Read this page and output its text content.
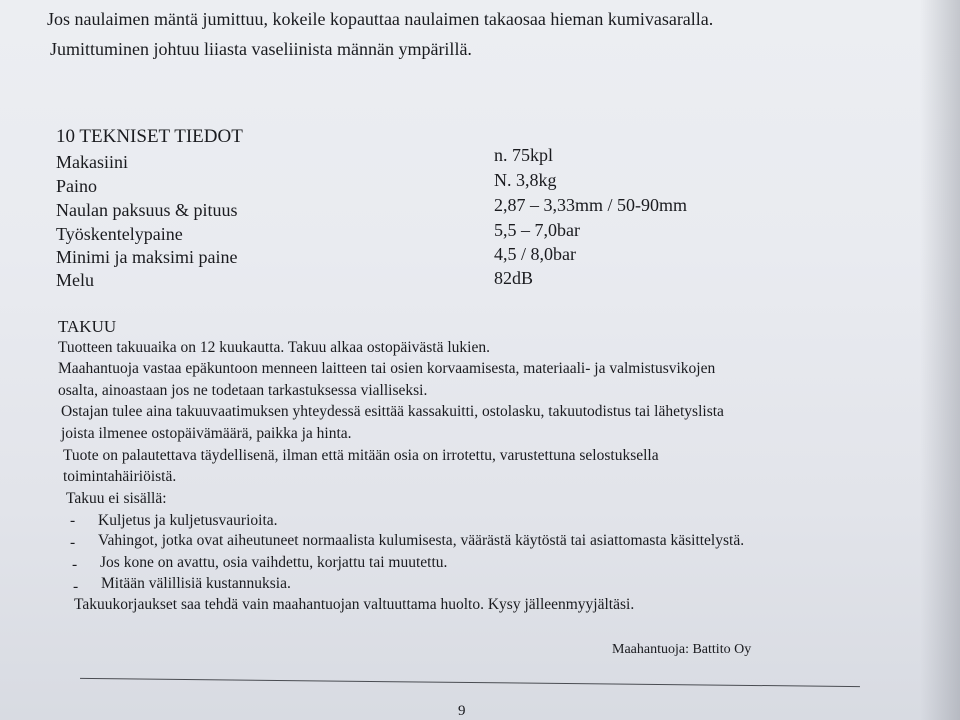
Jos naulaimen mäntä jumittuu, kokeile kopauttaa naulaimen takaosaa hieman kumivasaralla.
Jumittuminen johtuu liiasta vaseliinista männän ympärillä.
10 TEKNISET TIEDOT
Makasiini	n. 75kpl
Paino	N. 3,8kg
Naulan paksuus & pituus	2,87 – 3,33mm / 50-90mm
Työskentelypaine	5,5 – 7,0bar
Minimi ja maksimi paine	4,5 / 8,0bar
Melu	82dB
TAKUU
Tuotteen takuuaika on 12 kuukautta. Takuu alkaa ostopäivästä lukien.
Maahantuoja vastaa epäkuntoon menneen laitteen tai osien korvaamisesta, materiaali- ja valmistusvikojen
osalta, ainoastaan jos ne todetaan tarkastuksessa vialliseksi.
Ostajan tulee aina takuuvaatimuksen yhteydessä esittää kassakuitti, ostolasku, takuutodistus tai lähetyslista
joista ilmenee ostopäivämäärä, paikka ja hinta.
Tuote on palautettava täydellisenä, ilman että mitään osia on irrotettu, varustettuna selostuksella
toimintahäiriöistä.
Takuu ei sisällä:
- Kuljetus ja kuljetusvaurioita.
- Vahingot, jotka ovat aiheutuneet normaalista kulumisesta, väärästä käytöstä tai asiattomasta käsittelystä.
- Jos kone on avattu, osia vaihdettu, korjattu tai muutettu.
- Mitään välillisiä kustannuksia.
Takuukorjaukset saa tehdä vain maahantuojan valtuuttama huolto. Kysy jälleenmyyjältäsi.
Maahantuoja: Battito Oy
9
